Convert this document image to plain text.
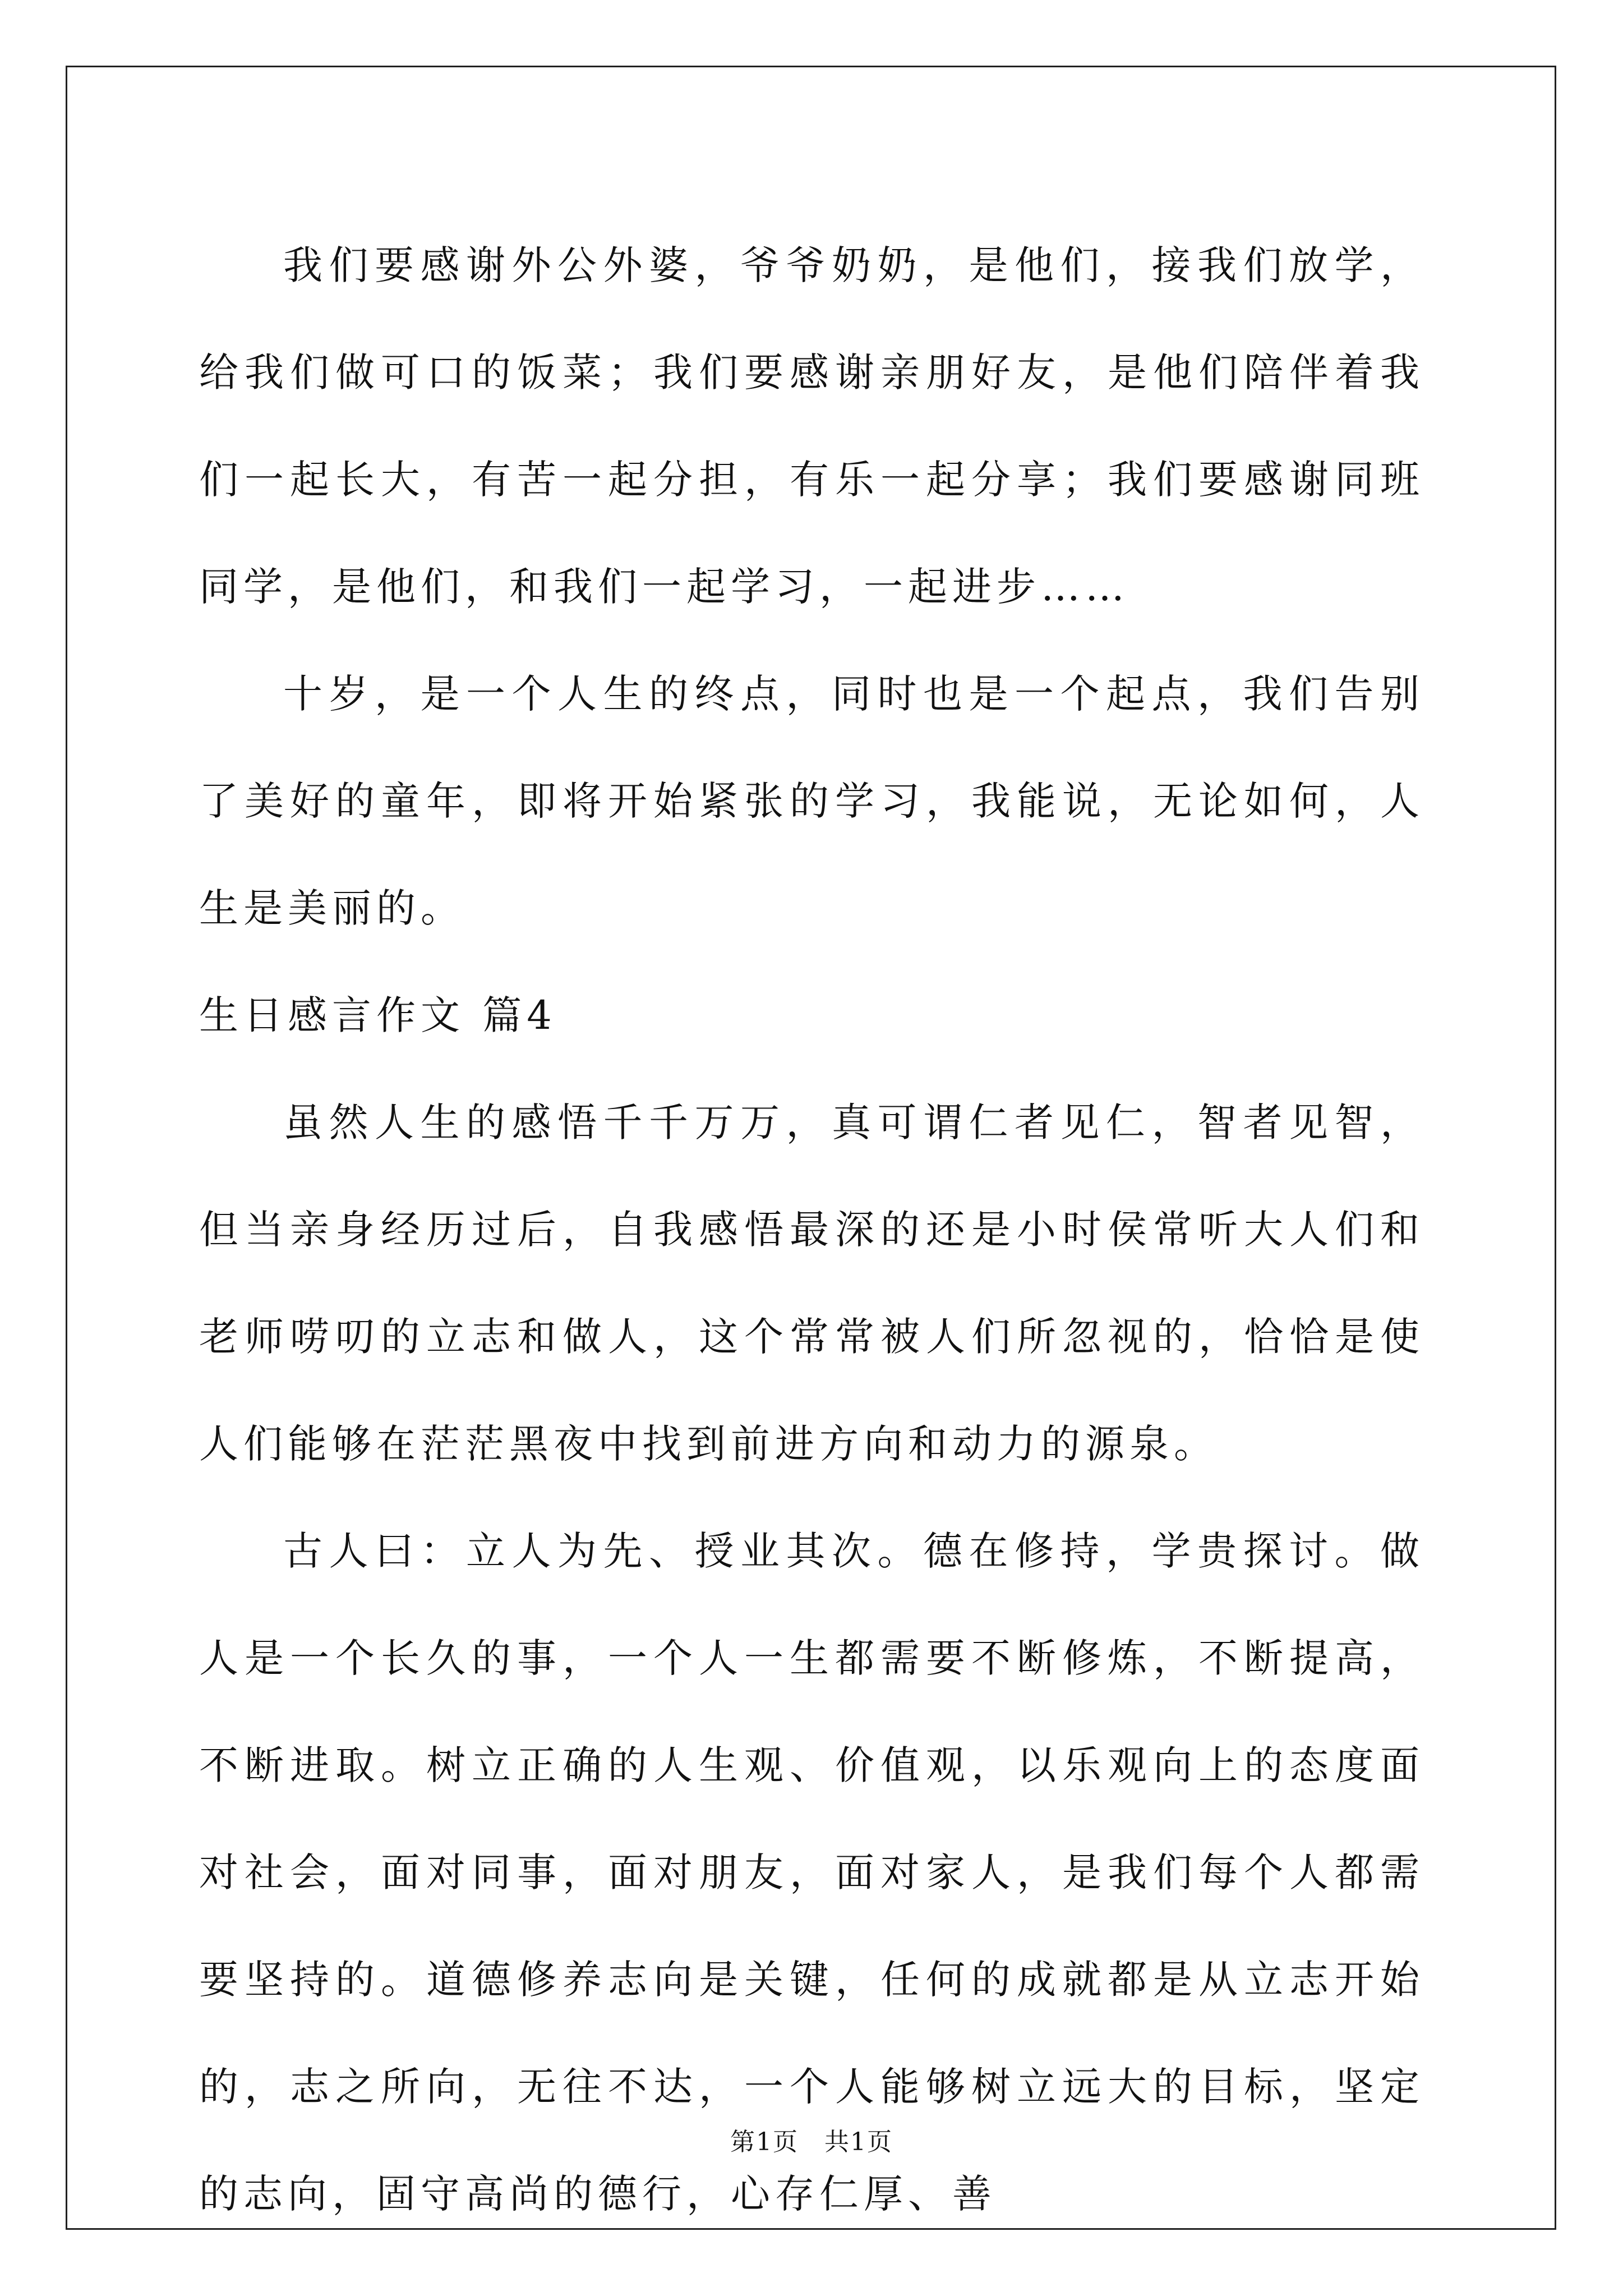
我们要感谢外公外婆，爷爷奶奶，是他们，接我们放学，给我们做可口的饭菜；我们要感谢亲朋好友，是他们陪伴着我们一起长大，有苦一起分担，有乐一起分享；我们要感谢同班同学，是他们，和我们一起学习，一起进步……

十岁，是一个人生的终点，同时也是一个起点，我们告别了美好的童年，即将开始紧张的学习，我能说，无论如何，人生是美丽的。

生日感言作文 篇4

虽然人生的感悟千千万万，真可谓仁者见仁，智者见智，但当亲身经历过后，自我感悟最深的还是小时侯常听大人们和老师唠叨的立志和做人，这个常常被人们所忽视的，恰恰是使人们能够在茫茫黑夜中找到前进方向和动力的源泉。

古人曰：立人为先、授业其次。德在修持，学贵探讨。做人是一个长久的事，一个人一生都需要不断修炼，不断提高，不断进取。树立正确的人生观、价值观，以乐观向上的态度面对社会，面对同事，面对朋友，面对家人，是我们每个人都需要坚持的。道德修养志向是关键，任何的成就都是从立志开始的，志之所向，无往不达，一个人能够树立远大的目标，坚定的志向，固守高尚的德行，心存仁厚、善

第1页　共1页
